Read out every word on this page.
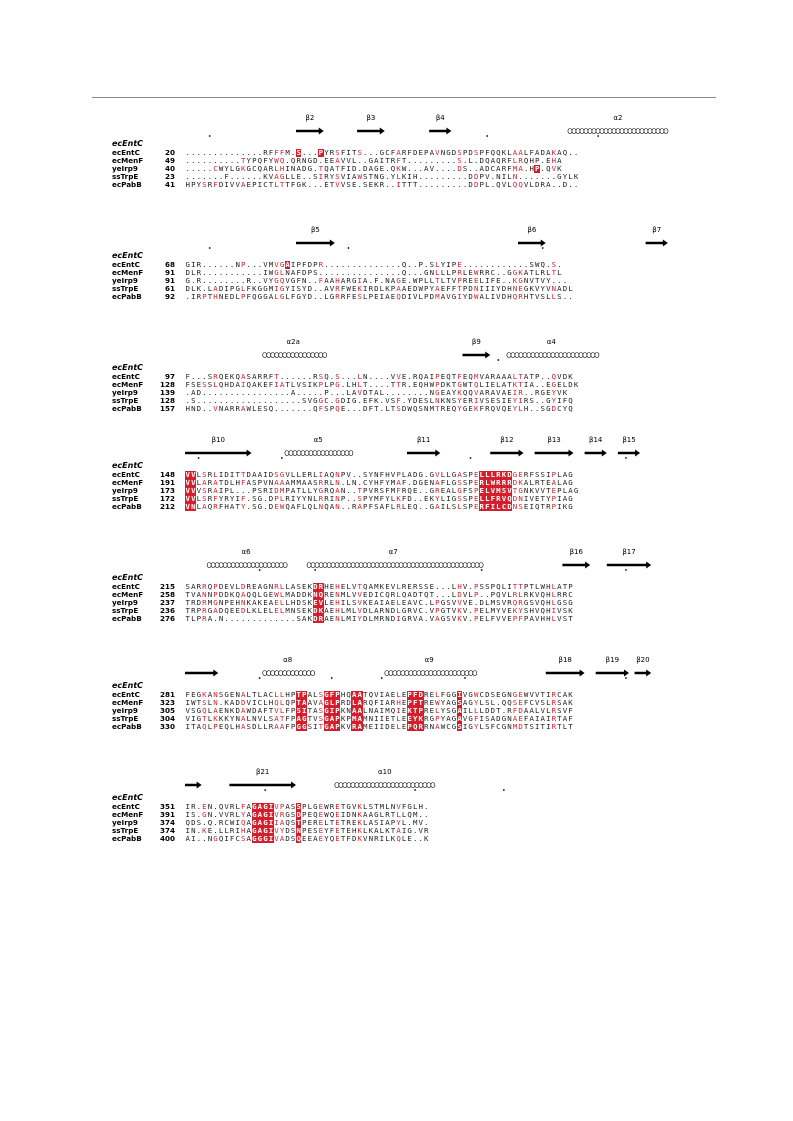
β2	β3	β4	α2
ecEntC
ecEntC	20 ..............RFFFM.S...PYRSFITS...GCFARFDEPAVNGDSPDSPFQQKLAALFADAKAQ..
ecMenF	49 ..........TYPQFYWQ.QRNGD.EEAVVL..GAITRFT.........S.L.DQAQRFLRQHP.EHA
yeIrp9	40 .....CWYLGKGCQARLHINADG.TQATFID.DAGE.QKW...AV....DS..ADCARFMA.HP.QVK
ssTrpE	23 .......F......KVAGLLE..SIRYSVIAWSTNG.YLKIH.........DDPV.NILN.......GYLK
ecPabB	41 HPYSRFDIVVAEPICTLTTFGK...ETVVSE.SEKR..ITTT.........DDPL.QVLQQVLDRA..D..
β5	β6	β7
ecEntC
ecEntC	68 GIR......NP...VMVGAIPFDPR..............Q..P.SLYIPE............SWQ.S.
ecMenF	91 DLR...........IWGLNAFDPS...............Q...GNLLLPRLEWRRC..GGKATLRLTL
yeIrp9	91 G.R........R..VYGQVGFN..FAAHARGIA.F.NAGE.WPLLTLTVPREELIFE..KGNVTVY...
ssTrpE	61 DLK.LADIPGLFKGGMIGYISYD..AVRFWEKIRDLKPAAEDWPYAEFFTPDNIIIYDHNEGKVYVNADL
ecPabB	92 .IRPTHNEDLPFQGGALGLFGYD..LGRRFESLPEIAEQDIVLPDMAVGIYDWALIVDHQRHTVSLLS..
α2a	β9	α4
ecEntC
ecEntC	97 F...SRQEKQASARRFT......RSQ.S...LN....VVE.RQAIPEQTFEQMVARAAALTATP..QVDK
ecMenF	128 FSESSLQHDAIQAKEFIATLVSIKPLPG.LHLT....TTR.EQHWPDKTGWTQLIELATKTIA..EGELDK
yeIrp9	139 .AD................A.....P...LAVDTAL........NGEAYKQQVARAVAEIR..RGEYVK
ssTrpE	128 .S...................SVGGC.GDIG.EFK.VSF.YDESLNKNSYERIVSESIEYIRS..GYIFQ
ecPabB	157 HND..VNARRAWLESQ.......QFSPQE...DFT.LTSDWQSNMTREQYGEKFRQVQEYLH..SGDCYQ
β10	α5	β11	β12	β13	β14	β15
ecEntC
ecEntC	148 VVLSRLIDITTDAAIDSGVLLERLIAQNPV..SYNFHVPLADG.GVLLGASPELLLRKDGERFSSIPLAG
ecMenF	191 VVLARATDLHFASPVNAAAMMAASRRLN.LN.CYHFYMAF.DGENAFLGSSPERLWRRRDKALRTEALAG
yeIrp9	173 VVVSRAIPL...PSRIDMPATLLYGRQAN..TPVRSFMFRQE..GREALGFSPELVMSVTGNKVVTEPLAG
ssTrpE	172 VVLSRFYRYIF.SG.DPLRIYYNLRRINP..SPYMFYLKFD..EKYLIGSSPELLFRVQDNIVETYPIAG
ecPabB	212 VNLAQRFHATY.SG.DEWQAFLQLNQAN..RAPFSAFLRLEQ..GAILSLSPERFILCDNSEIQTRPIKG
α6	α7	β16	β17
ecEntC
ecEntC	215 SARRQPDEVLDREAGNRLLASEKDRHEHELVTQAMKEVLRERSSE...LHV.PSSPQLITTPTLWHLATP
ecMenF	258 TVANNPDDKQAQQLGEWLMADDKNQRENMLVVEDICQRLQADTQT...LDVLP..PQVLRLRKVQHLRRC
yeIrp9	237 TRDRMGNPEHNKAKEAELLHDSKEVLEHILSVKEAIAELEAVC.LPGSVVVE.DLMSVRQRGSVQHLGSG
ssTrpE	236 TRPRGADQEEDLKLELELMNSEKDKAEHLMLVDLARNDLGRVC.VPGTVKV.PELMYVEKYSHVQHIVSK
ecPabB	276 TLPRA.N.............SAKDRAENLMIYDLMRNDIGRVA.VAGSVKV.PELFVVEPFPAVHHLVST
α8	α9	β18	β19 β20
ecEntC
ecEntC	281 FEGKANSGENALTLACLLHPTPALSGFPHQAATQVIAELEPFDRELFGGIVGWCDSEGNGEWVVTIRCAK
ecMenF	323 IWTSLN.KADDVICLHQLQPTAAVAGLPRDLARQFIARHEPFTREWYAGSAGYLSL.QQSEFCVSLRSAK
yeIrp9	305 VSGQLAENKDAWDAFTVLFPSITASGIPKNAALNAIMQIEKTPRELYSGAILLLDDT.RFDAALVLRSVF
ssTrpE	304 VIGTLKKKYNALNVLSATFPAGTVSGAPKPMAMNIIETLEEYKRGPYAGAVGFISADGNAEFAIAIRTAF
ecPabB	330 ITAQLPEQLHASDLLRAAFPGGSITGAPKVRAMEIIDELEPQRRNAWCGSIGYLSFCGNMDTSITIRTLT
β21	α10
ecEntC
ecEntC	351 IR.EN.QVRLFAGAGIVPASSPLGEWRETGVKLSTMLNVFGLH.
ecMenF	391 IS.GN.VVRLYAGAGIVRGSDPEQEWQEIDNKAAGLRTLLQM..
yeIrp9	374 QDS.Q.RCWIQAGAGIIAQSTPERELTETREKLASIAPYL.MV.
ssTrpE	374 IN.KE.LLRIHAGAGIVYDSNPESEYFETEHKLKALKTAIG.VR
ecPabB	400 AI..NGQIFCSAGGGIVADSQEEAEYQETFDKVNRILKQLE..K
